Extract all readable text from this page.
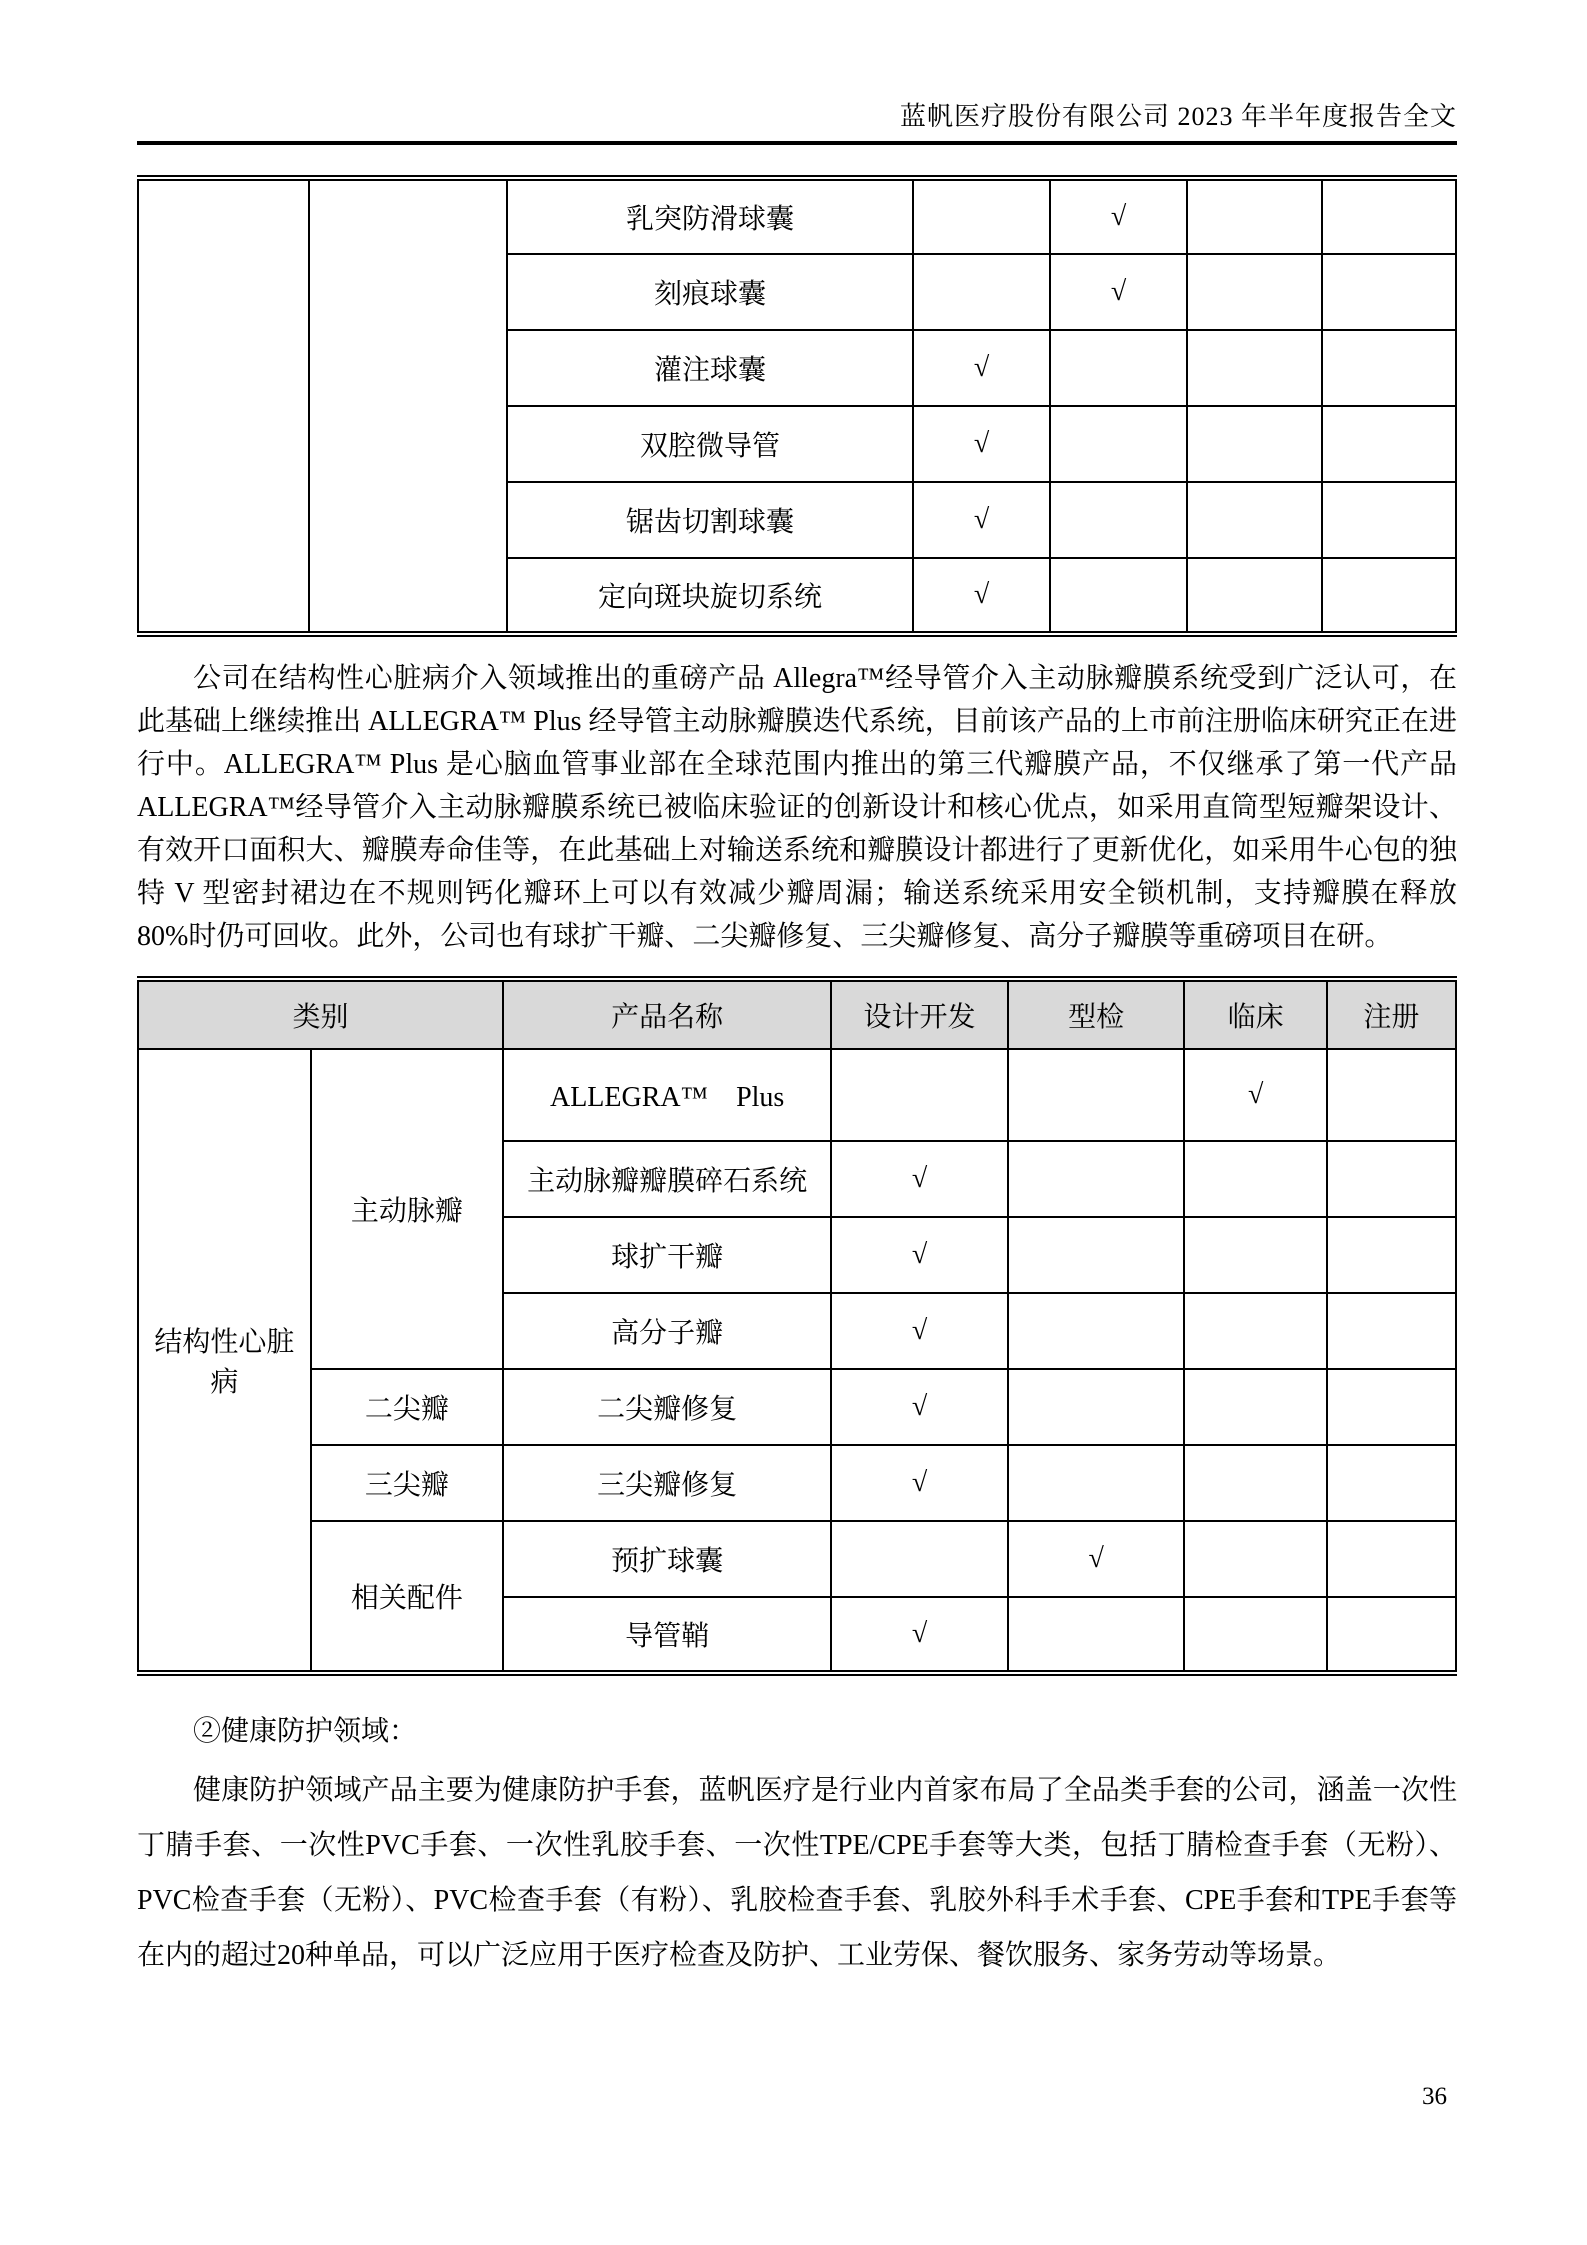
蓝帆医疗股份有限公司 2023 年半年度报告全文
		乳突防滑球囊		√		
		刻痕球囊		√		
		灌注球囊	√			
		双腔微导管	√			
		锯齿切割球囊	√			
		定向斑块旋切系统	√			

公司在结构性心脏病介入领域推出的重磅产品 Allegra™经导管介入主动脉瓣膜系统受到广泛认可，在此基础上继续推出 ALLEGRA™ Plus 经导管主动脉瓣膜迭代系统，目前该产品的上市前注册临床研究正在进行中。ALLEGRA™ Plus 是心脑血管事业部在全球范围内推出的第三代瓣膜产品，不仅继承了第一代产品 ALLEGRA™经导管介入主动脉瓣膜系统已被临床验证的创新设计和核心优点，如采用直筒型短瓣架设计、有效开口面积大、瓣膜寿命佳等，在此基础上对输送系统和瓣膜设计都进行了更新优化，如采用牛心包的独特 V 型密封裙边在不规则钙化瓣环上可以有效减少瓣周漏；输送系统采用安全锁机制，支持瓣膜在释放 80%时仍可回收。此外，公司也有球扩干瓣、二尖瓣修复、三尖瓣修复、高分子瓣膜等重磅项目在研。

类别		产品名称	设计开发	型检	临床	注册
结构性心脏病	主动脉瓣	ALLEGRA™　Plus			√	
		主动脉瓣瓣膜碎石系统	√			
		球扩干瓣	√			
		高分子瓣	√			
	二尖瓣	二尖瓣修复	√			
	三尖瓣	三尖瓣修复	√			
	相关配件	预扩球囊		√		
		导管鞘	√			

②健康防护领域：

健康防护领域产品主要为健康防护手套，蓝帆医疗是行业内首家布局了全品类手套的公司，涵盖一次性丁腈手套、一次性PVC手套、一次性乳胶手套、一次性TPE/CPE手套等大类，包括丁腈检查手套（无粉）、PVC检查手套（无粉）、PVC检查手套（有粉）、乳胶检查手套、乳胶外科手术手套、CPE手套和TPE手套等在内的超过20种单品，可以广泛应用于医疗检查及防护、工业劳保、餐饮服务、家务劳动等场景。

36
